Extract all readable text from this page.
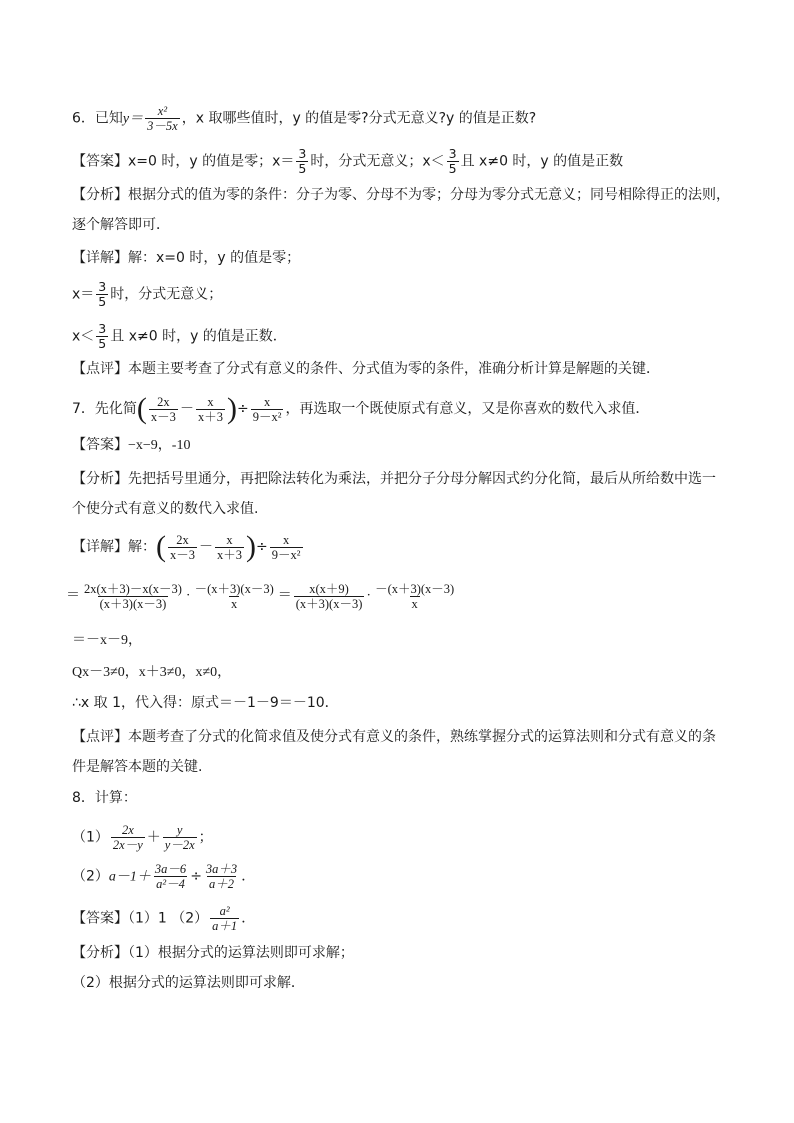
6．已知$y= \frac{\text{x²}}{3-5x}$ ，x 取哪些值时，y 的值是零?分式无意义?y 的值是正数?
【答案】x=0 时，y 的值是零；$x= \frac{3}{5}$ 时，分式无意义；$x< \frac{3}{5}$ 且 x≠0 时，y 的值是正数
【分析】根据分式的值为零的条件：分子为零、分母不为零；分母为零分式无意义；同号相除得正的法则，
逐个解答即可．
【详解】解：x=0 时，y 的值是零；
$x= \frac{3}{5}$ 时，分式无意义；
$x< \frac{3}{5}$ 且 x≠0 时，y 的值是正数．
【点评】本题主要考查了分式有意义的条件、分式值为零的条件，准确分析计算是解题的关键．
7．先化简( $\frac{2x}{x-3} - \frac{x}{x+3}$ )÷ $\frac{x}{\text{9－x²}}$ ，再选取一个既使原式有意义，又是你喜欢的数代入求值．
【答案】−x−9，-10
【分析】先把括号里通分，再把除法转化为乘法，并把分子分母分解因式约分化简，最后从所给数中选一
个使分式有意义的数代入求值.
【详解】解：( $\frac{2x}{x-3} - \frac{x}{x+3}$ )÷ $\frac{x}{\text{9－x²}}$
＝ $\frac{2x(x+3)-x(x-3)}{(x+3)(x-3)} \cdot \frac{-(x+3)(x-3)}{x} = \frac{x(x+9)}{(x+3)(x-3)} \cdot \frac{-(x+3)(x-3)}{x}$
＝－x－9，
Qx－3≠0，x＋3≠0，x≠0，
∴x 取 1，代入得：原式＝－1－9＝－10．
【点评】本题考查了分式的化简求值及使分式有意义的条件，熟练掌握分式的运算法则和分式有意义的条
件是解答本题的关键.
8．计算：
$(1) \frac{2x}{2x-y} + \frac{y}{y-2x}$ ；
$(2)a-1+ \frac{3a-6}{\text{a²－4}} \div \frac{3a+3}{a+2}$ ．
【答案】（1）1 $(2) \frac{\text{a²}}{a+1}$ ．
【分析】（1）根据分式的运算法则即可求解；
（2）根据分式的运算法则即可求解．
